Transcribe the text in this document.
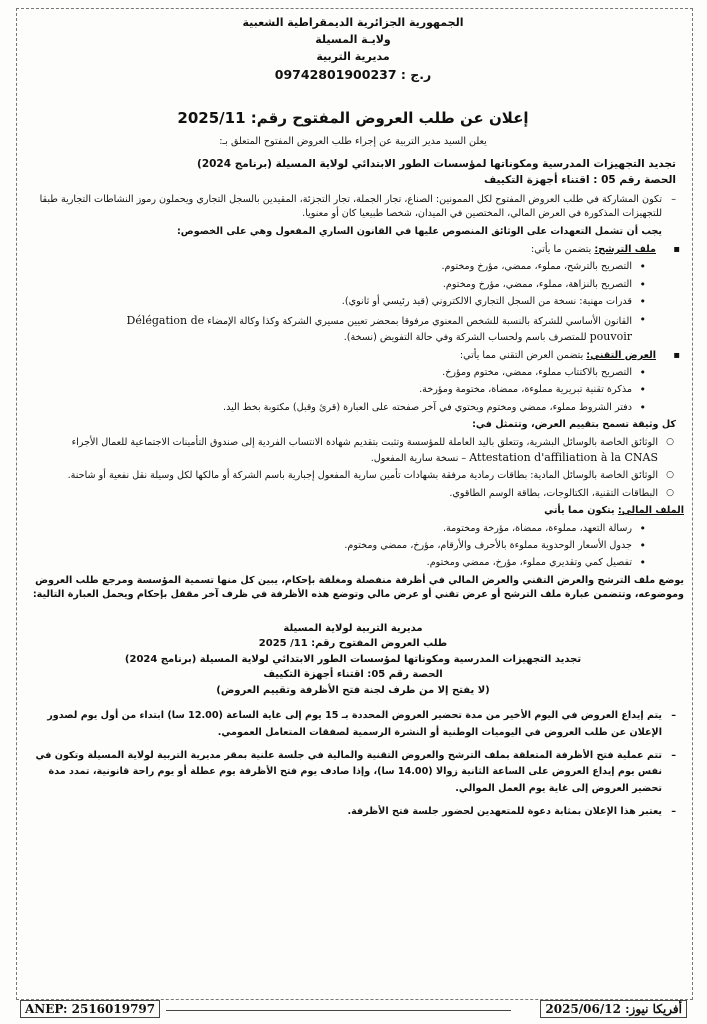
الجمهورية الجزائرية الديمقراطية الشعبية
ولايـة المسيلة
مديرية التربية
ر.ج : 09742801900237
إعلان عن طلب العروض المفتوح رقم: 2025/11
يعلن السيد مدير التربية عن إجراء طلب العروض المفتوح المتعلق بـ:
تجديد التجهيزات المدرسية ومكوناتها لمؤسسات الطور الابتدائي لولاية المسيلة (برنامج 2024)
الحصة رقم 05 : اقتناء أجهزة التكييف
– تكون المشاركة في طلب العروض المفتوح لكل الممونين: الصناع، تجار الجملة، تجار التجزئة، المقيدين بالسجل التجاري ويحملون رموز النشاطات التجارية طبقا للتجهيزات المذكورة في العرض المالي، المختصين في الميدان، شخصا طبيعيا كان أو معنويا.
يجب أن تشمل التعهدات على الوثائق المنصوص عليها في القانون الساري المفعول وهي على الخصوص:
▪ ملف الترشح: يتضمن ما يأتي:
• التصريح بالترشح، مملوء، ممضي، مؤرخ ومختوم.
• التصريح بالنزاهة، مملوء، ممضي، مؤرخ ومختوم.
• قدرات مهنية: نسخة من السجل التجاري الالكتروني (قيد رئيسي أو ثانوي).
• القانون الأساسي للشركة بالنسبة للشخص المعنوي مرفوقا بمحضر تعيين مسيري الشركة وكذا وكالة الإمضاء Délégation de
pouvoir للمتصرف باسم ولحساب الشركة وفي حالة التفويض (نسخة).
▪ العرض التقني: يتضمن العرض التقني مما يأتي:
• التصريح بالاكتتاب مملوء، ممضي، مختوم ومؤرخ.
• مذكرة تقنية تبريرية مملوءة، ممضاة، مختومة ومؤرخة.
• دفتر الشروط مملوء، ممضي ومختوم ويحتوي في آخر صفحته على العبارة (قرئ وقبل) مكتوبة بخط اليد.
كل وثيقة تسمح بتقييم العرض، وتتمثل في:
○ الوثائق الخاصة بالوسائل البشرية، وتتعلق باليد العاملة للمؤسسة وتثبت بتقديم شهادة الانتساب الفردية إلى صندوق التأمينات الاجتماعية للعمال الأجراء Attestation d'affiliation à la CNAS – نسخة سارية المفعول.
○ الوثائق الخاصة بالوسائل المادية: بطاقات رمادية مرفقة بشهادات تأمين سارية المفعول إجبارية باسم الشركة أو مالكها لكل وسيلة نقل نفعية أو شاحنة.
○ البطاقات التقنية، الكتالوجات، بطاقة الوسم الطاقوي.
الملف المالي: يتكون مما يأتي
• رسالة التعهد، مملوءة، ممضاة، مؤرخة ومختومة.
• جدول الأسعار الوحدوية مملوءة بالأحرف والأرقام، مؤرخ، ممضي ومختوم.
• تفصيل كمي وتقديري مملوء، مؤرخ، ممضي ومختوم.
يوضع ملف الترشح والعرض التقني والعرض المالي في أظرفة منفصلة ومغلقة بإحكام، يبين كل منها تسمية المؤسسة ومرجع طلب العروض وموضوعه، وتتضمن عبارة ملف الترشح أو عرض تقني أو عرض مالي وتوضع هذه الأظرفة في ظرف آخر مقفل بإحكام ويحمل العبارة التالية:
مديرية التربية لولاية المسيلة
طلب العروض المفتوح رقم: 11/ 2025
تجديد التجهيزات المدرسية ومكوناتها لمؤسسات الطور الابتدائي لولاية المسيلة (برنامج 2024)
الحصة رقم 05: اقتناء أجهزة التكييف
(لا يفتح إلا من طرف لجنة فتح الأظرفة وتقييم العروض)
– يتم إيداع العروض في اليوم الأخير من مدة تحضير العروض المحددة بـ 15 يوم إلى غاية الساعة (12.00 سا) ابتداء من أول يوم لصدور الإعلان عن طلب العروض في اليوميات الوطنية أو النشرة الرسمية لصفقات المتعامل العمومي.
– تتم عملية فتح الأظرفة المتعلقة بملف الترشح والعروض التقنية والمالية في جلسة علنية بمقر مديرية التربية لولاية المسيلة وتكون في نفس يوم إيداع العروض على الساعة الثانية زوالا (14.00 سا)، وإذا صادف يوم فتح الأظرفة يوم عطلة أو يوم راحة قانونية، تمدد مدة تحضير العروض إلى غاية يوم العمل الموالي.
– يعتبر هذا الإعلان بمثابة دعوة للمتعهدين لحضور جلسة فتح الأظرفة.
ANEP: 2516019797	أفريكا نيوز: 2025/06/12
